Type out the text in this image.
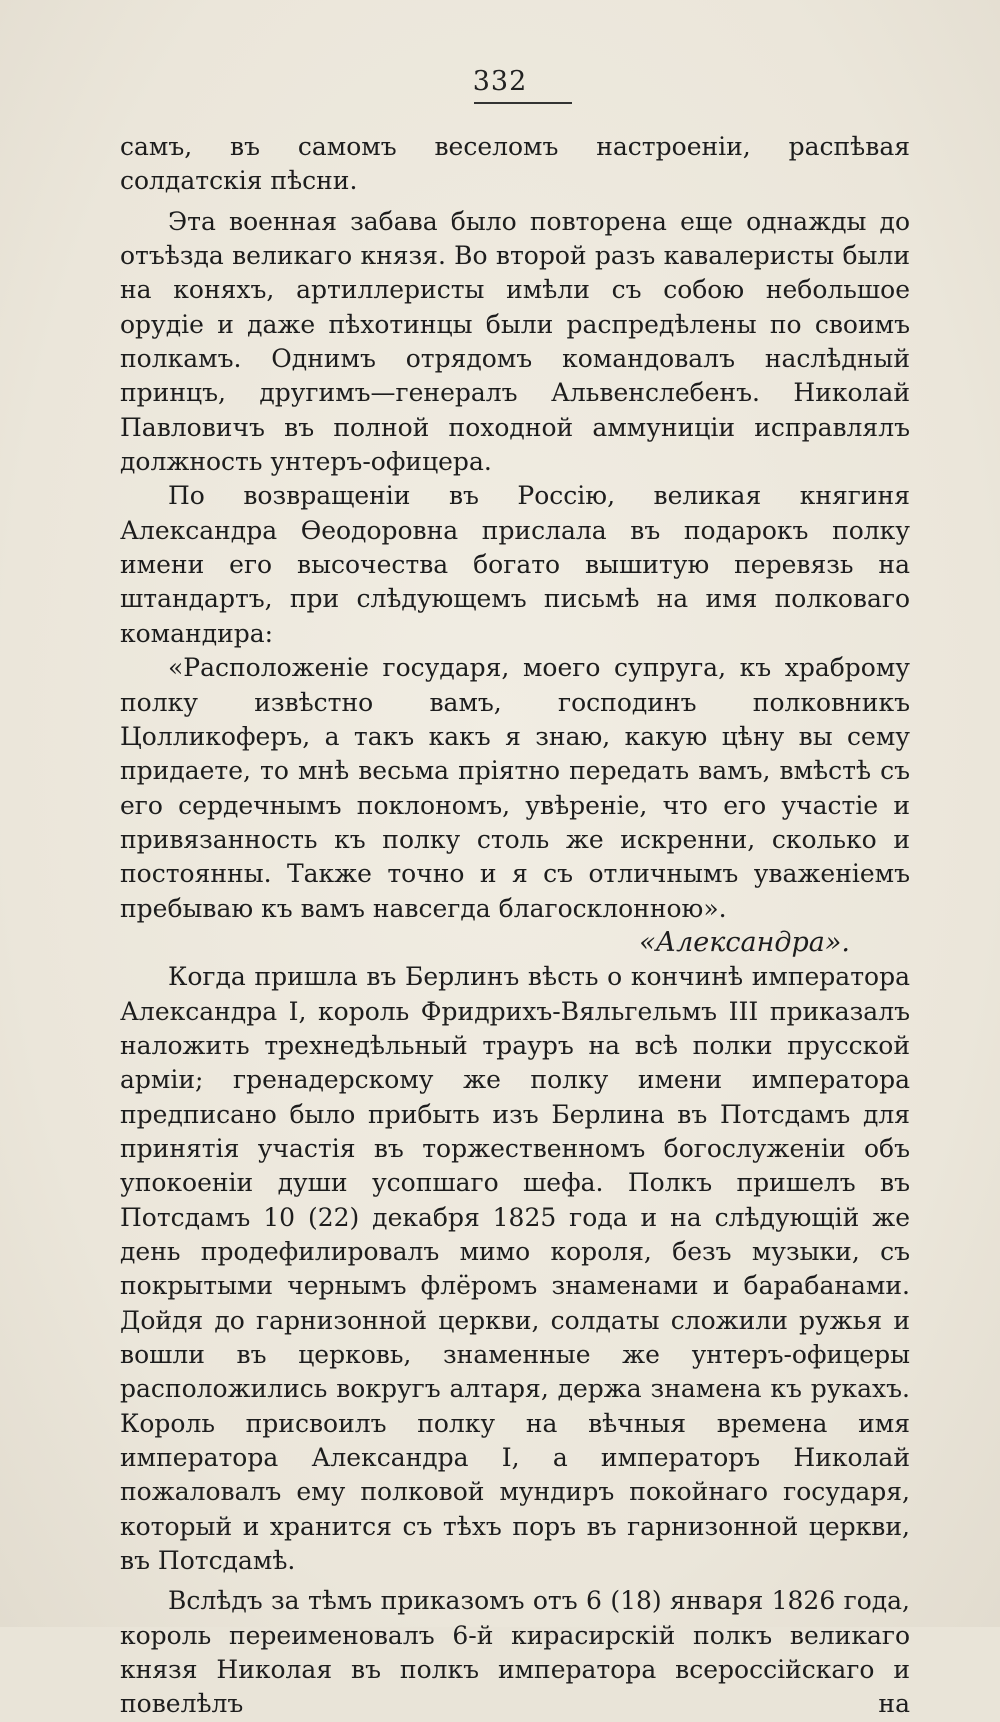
332

самъ, въ самомъ веселомъ настроеніи, распѣвая солдатскія пѣсни.

Эта военная забава было повторена еще однажды до отъѣзда великаго князя. Во второй разъ кавалеристы были на коняхъ, артиллеристы имѣли съ собою небольшое орудіе и даже пѣхотинцы были распредѣлены по своимъ полкамъ. Однимъ отрядомъ командовалъ наслѣдный принцъ, другимъ—генералъ Альвенслебенъ. Николай Павловичъ въ полной походной аммуниціи исправлялъ должность унтеръ-офицера.

По возвращеніи въ Россію, великая княгиня Александра Ѳеодоровна прислала въ подарокъ полку имени его высочества богато вышитую перевязь на штандартъ, при слѣдующемъ письмѣ на имя полковаго командира:

«Расположеніе государя, моего супруга, къ храброму полку извѣстно вамъ, господинъ полковникъ Цолликоферъ, а такъ какъ я знаю, какую цѣну вы сему придаете, то мнѣ весьма пріятно передать вамъ, вмѣстѣ съ его сердечнымъ поклономъ, увѣреніе, что его участіе и привязанность къ полку столь же искренни, сколько и постоянны. Также точно и я съ отличнымъ уваженіемъ пребываю къ вамъ навсегда благосклонною».

«Александра».

Когда пришла въ Берлинъ вѣсть о кончинѣ императора Александра I, король Фридрихъ-Вяльгельмъ III приказалъ наложить трехнедѣльный трауръ на всѣ полки прусской арміи; гренадерскому же полку имени императора предписано было прибыть изъ Берлина въ Потсдамъ для принятія участія въ торжественномъ богослуженіи объ упокоеніи души усопшаго шефа. Полкъ пришелъ въ Потсдамъ 10 (22) декабря 1825 года и на слѣдующій же день продефилировалъ мимо короля, безъ музыки, съ покрытыми чернымъ флёромъ знаменами и барабанами. Дойдя до гарнизонной церкви, солдаты сложили ружья и вошли въ церковь, знаменные же унтеръ-офицеры расположились вокругъ алтаря, держа знамена къ рукахъ. Король присвоилъ полку на вѣчныя времена имя императора Александра I, а императоръ Николай пожаловалъ ему полковой мундиръ покойнаго государя, который и хранится съ тѣхъ поръ въ гарнизонной церкви, въ Потсдамѣ.

Вслѣдъ за тѣмъ приказомъ отъ 6 (18) января 1826 года, король переименовалъ 6-й кирасирскій полкъ великаго князя Николая въ полкъ императора всероссійскаго и повелѣлъ на
